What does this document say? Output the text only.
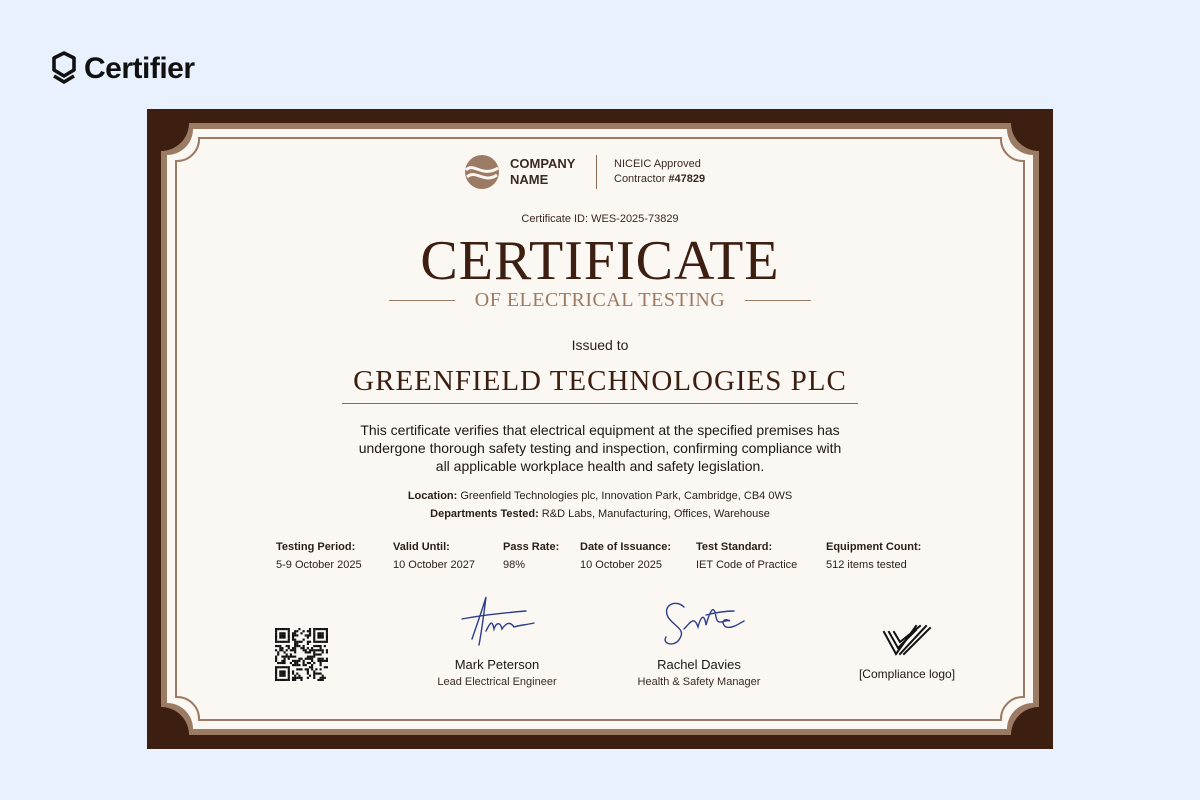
Certifier
COMPANY
NAME
NICEIC Approved
Contractor #47829
Certificate ID: WES-2025-73829
CERTIFICATE
OF ELECTRICAL TESTING
Issued to
GREENFIELD TECHNOLOGIES PLC
This certificate verifies that electrical equipment at the specified premises has undergone thorough safety testing and inspection, confirming compliance with all applicable workplace health and safety legislation.
Location: Greenfield Technologies plc, Innovation Park, Cambridge, CB4 0WS
Departments Tested: R&D Labs, Manufacturing, Offices, Warehouse
Testing Period:
5-9 October 2025
Valid Until:
10 October 2027
Pass Rate:
98%
Date of Issuance:
10 October 2025
Test Standard:
IET Code of Practice
Equipment Count:
512 items tested
Mark Peterson
Lead Electrical Engineer
Rachel Davies
Health & Safety Manager
[Compliance logo]
